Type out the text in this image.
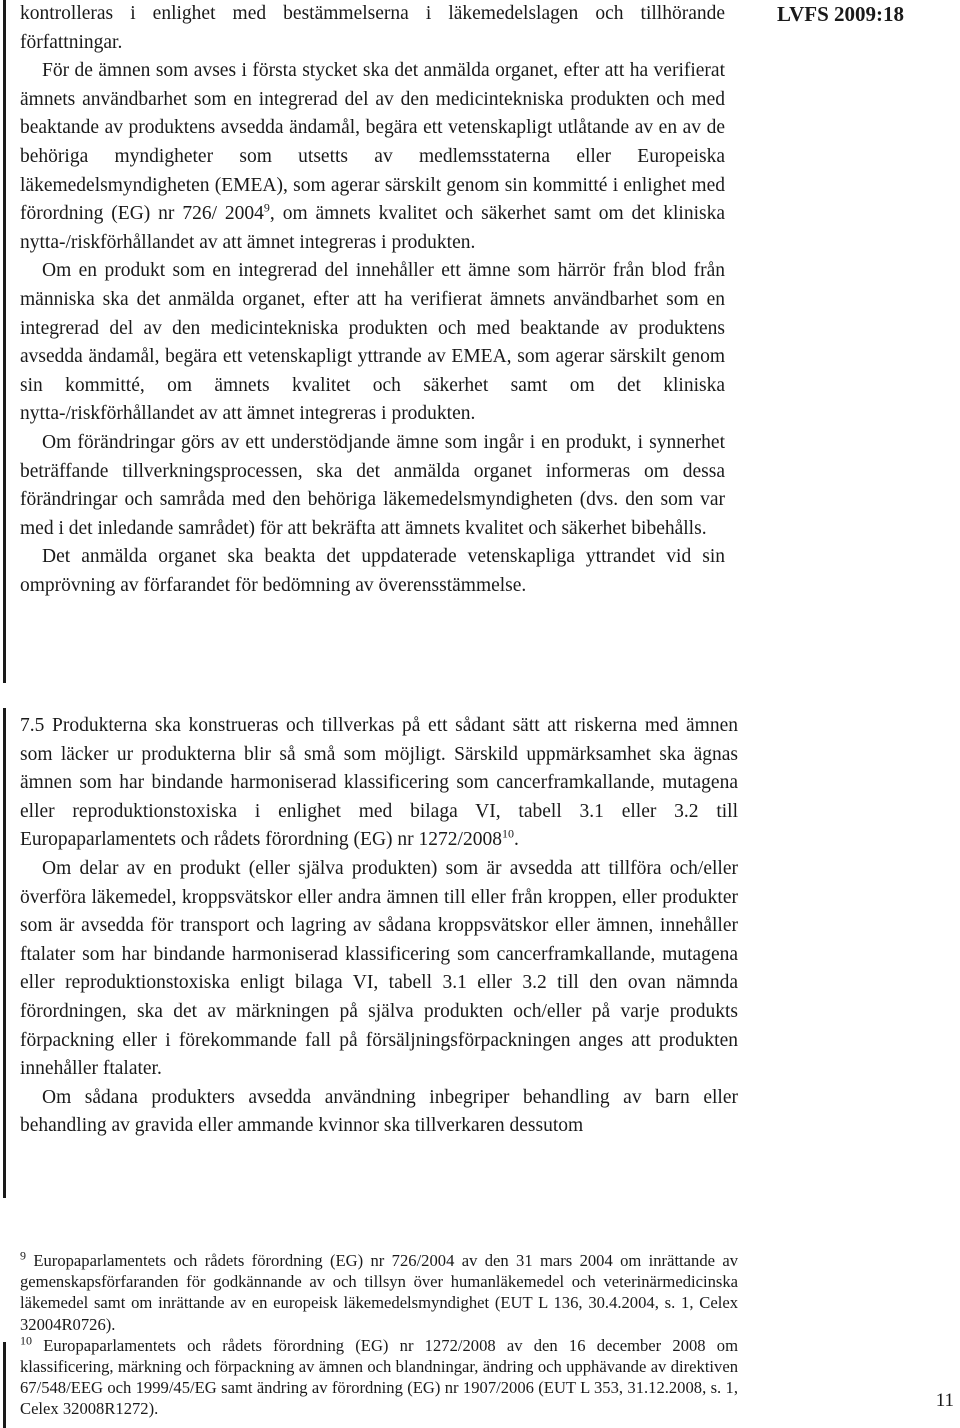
LVFS 2009:18

kontrolleras i enlighet med bestämmelserna i läkemedelslagen och tillhörande författningar.

För de ämnen som avses i första stycket ska det anmälda organet, efter att ha verifierat ämnets användbarhet som en integrerad del av den medicintekniska produkten och med beaktande av produktens avsedda ändamål, begära ett vetenskapligt utlåtande av en av de behöriga myndigheter som utsetts av medlemsstaterna eller Europeiska läkemedelsmyndigheten (EMEA), som agerar särskilt genom sin kommitté i enlighet med förordning (EG) nr 726/ 2004$^9$, om ämnets kvalitet och säkerhet samt om det kliniska nytta-/riskförhållandet av att ämnet integreras i produkten.

Om en produkt som en integrerad del innehåller ett ämne som härrör från blod från människa ska det anmälda organet, efter att ha verifierat ämnets användbarhet som en integrerad del av den medicintekniska produkten och med beaktande av produktens avsedda ändamål, begära ett vetenskapligt yttrande av EMEA, som agerar särskilt genom sin kommitté, om ämnets kvalitet och säkerhet samt om det kliniska nytta-/riskförhållandet av att ämnet integreras i produkten.

Om förändringar görs av ett understödjande ämne som ingår i en produkt, i synnerhet beträffande tillverkningsprocessen, ska det anmälda organet informeras om dessa förändringar och samråda med den behöriga läkemedelsmyndigheten (dvs. den som var med i det inledande samrådet) för att bekräfta att ämnets kvalitet och säkerhet bibehålls.

Det anmälda organet ska beakta det uppdaterade vetenskapliga yttrandet vid sin omprövning av förfarandet för bedömning av överensstämmelse.

7.5 Produkterna ska konstrueras och tillverkas på ett sådant sätt att riskerna med ämnen som läcker ur produkterna blir så små som möjligt. Särskild uppmärksamhet ska ägnas ämnen som har bindande harmoniserad klassificering som cancerframkallande, mutagena eller reproduktionstoxiska i enlighet med bilaga VI, tabell 3.1 eller 3.2 till Europaparlamentets och rådets förordning (EG) nr 1272/2008$^{10}$.

Om delar av en produkt (eller själva produkten) som är avsedda att tillföra och/eller överföra läkemedel, kroppsvätskor eller andra ämnen till eller från kroppen, eller produkter som är avsedda för transport och lagring av sådana kroppsvätskor eller ämnen, innehåller ftalater som har bindande harmoniserad klassificering som cancerframkallande, mutagena eller reproduktionstoxiska enligt bilaga VI, tabell 3.1 eller 3.2 till den ovan nämnda förordningen, ska det av märkningen på själva produkten och/eller på varje produkts förpackning eller i förekommande fall på försäljningsförpackningen anges att produkten innehåller ftalater.

Om sådana produkters avsedda användning inbegriper behandling av barn eller behandling av gravida eller ammande kvinnor ska tillverkaren dessutom

$^9$ Europaparlamentets och rådets förordning (EG) nr 726/2004 av den 31 mars 2004 om inrättande av gemenskapsförfaranden för godkännande av och tillsyn över humanläkemedel och veterinärmedicinska läkemedel samt om inrättande av en europeisk läkemedelsmyndighet (EUT L 136, 30.4.2004, s. 1, Celex 32004R0726).

$^{10}$ Europaparlamentets och rådets förordning (EG) nr 1272/2008 av den 16 december 2008 om klassificering, märkning och förpackning av ämnen och blandningar, ändring och upphävande av direktiven 67/548/EEG och 1999/45/EG samt ändring av förordning (EG) nr 1907/2006 (EUT L 353, 31.12.2008, s. 1, Celex 32008R1272).	11
